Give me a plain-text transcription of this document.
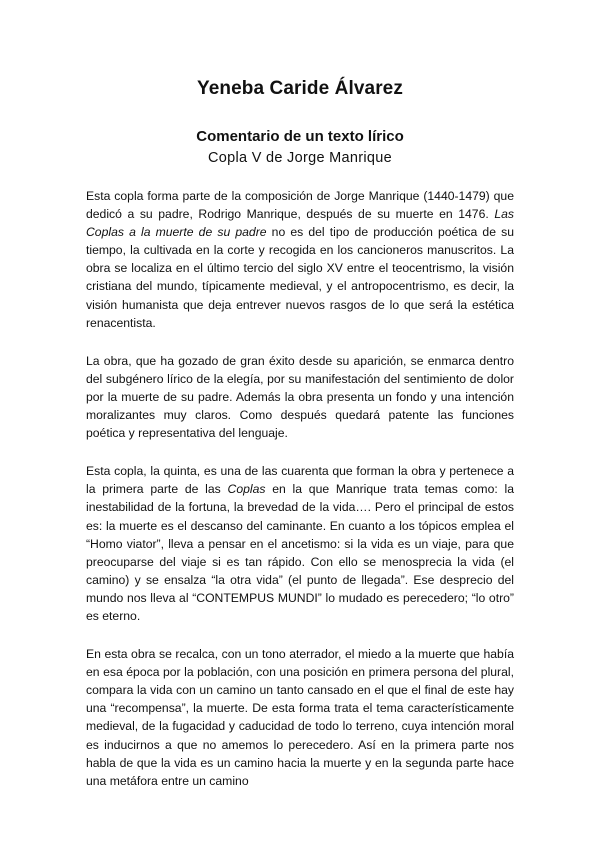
Yeneba Caride Álvarez
Comentario de un texto lírico
Copla V de Jorge Manrique

Esta copla forma parte de la composición de Jorge Manrique (1440-1479) que dedicó a su padre, Rodrigo Manrique, después de su muerte en 1476. Las Coplas a la muerte de su padre no es del tipo de producción poética de su tiempo, la cultivada en la corte y recogida en los cancioneros manuscritos. La obra se localiza en el último tercio del siglo XV entre el teocentrismo, la visión cristiana del mundo, típicamente medieval, y el antropocentrismo, es decir, la visión humanista que deja entrever nuevos rasgos de lo que será la estética renacentista.

La obra, que ha gozado de gran éxito desde su aparición, se enmarca dentro del subgénero lírico de la elegía, por su manifestación del sentimiento de dolor por la muerte de su padre. Además la obra presenta un fondo y una intención moralizantes muy claros. Como después quedará patente las funciones poética y representativa del lenguaje.

Esta copla, la quinta, es una de las cuarenta que forman la obra y pertenece a la primera parte de las Coplas en la que Manrique trata temas como: la inestabilidad de la fortuna, la brevedad de la vida…. Pero el principal de estos es: la muerte es el descanso del caminante. En cuanto a los tópicos emplea el “Homo viator”, lleva a pensar en el ancetismo: si la vida es un viaje, para que preocuparse del viaje si es tan rápido. Con ello se menosprecia la vida (el camino) y se ensalza “la otra vida” (el punto de llegada”. Ese desprecio del mundo nos lleva al “CONTEMPUS MUNDI” lo mudado es perecedero; “lo otro” es eterno.

En esta obra se recalca, con un tono aterrador, el miedo a la muerte que había en esa época por la población, con una posición en primera persona del plural, compara la vida con un camino un tanto cansado en el que el final de este hay una “recompensa”, la muerte. De esta forma trata el tema característicamente medieval, de la fugacidad y caducidad de todo lo terreno, cuya intención moral es inducirnos a que no amemos lo perecedero. Así en la primera parte nos habla de que la vida es un camino hacia la muerte y en la segunda parte hace una metáfora entre un camino
